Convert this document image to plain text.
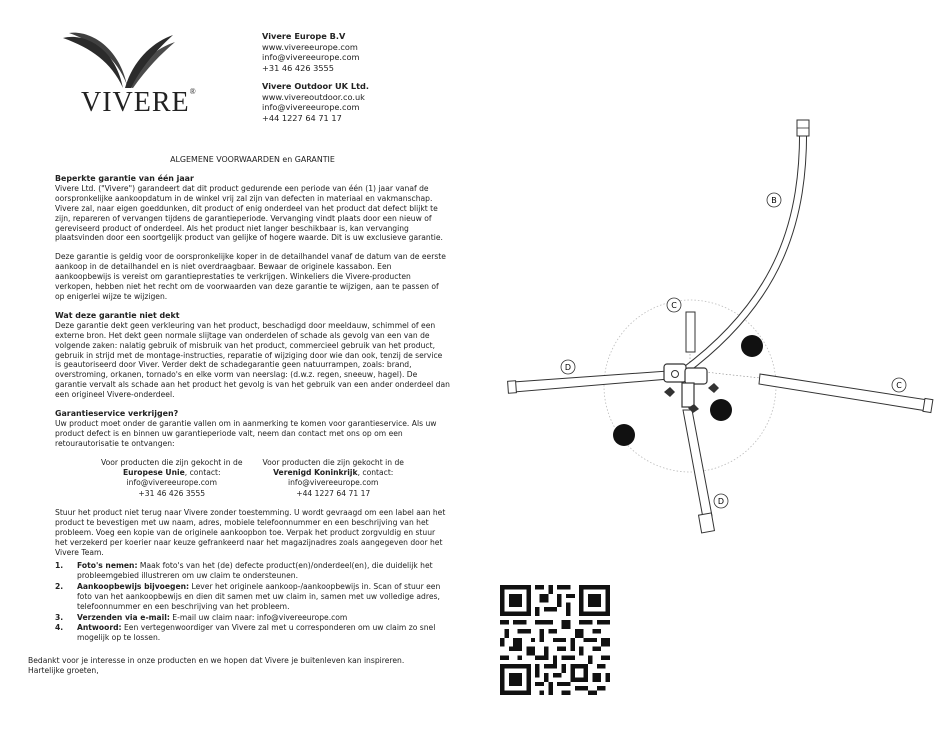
VIVERE®
Vivere Europe B.V
www.vivereeurope.com
info@vivereeurope.com
+31 46 426 3555
Vivere Outdoor UK Ltd.
www.vivereoutdoor.co.uk
info@vivereeurope.com
+44 1227 64 71 17
ALGEMENE VOORWAARDEN en GARANTIE
Beperkte garantie van één jaar

Vivere Ltd. ("Vivere") garandeert dat dit product gedurende een periode van één (1) jaar vanaf de oorspronkelijke aankoopdatum in de winkel vrij zal zijn van defecten in materiaal en vakmanschap. Vivere zal, naar eigen goeddunken, dit product of enig onderdeel van het product dat defect blijkt te zijn, repareren of vervangen tijdens de garantieperiode. Vervanging vindt plaats door een nieuw of gereviseerd product of onderdeel. Als het product niet langer beschikbaar is, kan vervanging plaatsvinden door een soortgelijk product van gelijke of hogere waarde. Dit is uw exclusieve garantie.

Deze garantie is geldig voor de oorspronkelijke koper in de detailhandel vanaf de datum van de eerste aankoop in de detailhandel en is niet overdraagbaar. Bewaar de originele kassabon. Een aankoopbewijs is vereist om garantieprestaties te verkrijgen. Winkeliers die Vivere-producten verkopen, hebben niet het recht om de voorwaarden van deze garantie te wijzigen, aan te passen of op enigerlei wijze te wijzigen.

Wat deze garantie niet dekt

Deze garantie dekt geen verkleuring van het product, beschadigd door meeldauw, schimmel of een externe bron. Het dekt geen normale slijtage van onderdelen of schade als gevolg van een van de volgende zaken: nalatig gebruik of misbruik van het product, commercieel gebruik van het product, gebruik in strijd met de montage-instructies, reparatie of wijziging door wie dan ook, tenzij de service is geautoriseerd door Viver. Verder dekt de schadegarantie geen natuurrampen, zoals: brand, overstroming, orkanen, tornado's en elke vorm van neerslag: (d.w.z. regen, sneeuw, hagel). De garantie vervalt als schade aan het product het gevolg is van het gebruik van een ander onderdeel dan een origineel Vivere-onderdeel.

Garantieservice verkrijgen?

Uw product moet onder de garantie vallen om in aanmerking te komen voor garantieservice. Als uw product defect is en binnen uw garantieperiode valt, neem dan contact met ons op om een retourautorisatie te ontvangen:

Voor producten die zijn gekocht in de
Europese Unie, contact:
info@vivereeurope.com
+31 46 426 3555
Voor producten die zijn gekocht in de
Verenigd Koninkrijk, contact:
info@vivereeurope.com
+44 1227 64 71 17

Stuur het product niet terug naar Vivere zonder toestemming. U wordt gevraagd om een label aan het product te bevestigen met uw naam, adres, mobiele telefoonnummer en een beschrijving van het probleem. Voeg een kopie van de originele aankoopbon toe. Verpak het product zorgvuldig en stuur het verzekerd per koerier naar keuze gefrankeerd naar het magazijnadres zoals aangegeven door het Vivere Team.

1.	Foto's nemen: Maak foto's van het (de) defecte product(en)/onderdeel(en), die duidelijk het probleemgebied illustreren om uw claim te ondersteunen.
2.	Aankoopbewijs bijvoegen: Lever het originele aankoop-/aankoopbewijs in. Scan of stuur een foto van het aankoopbewijs en dien dit samen met uw claim in, samen met uw volledige adres, telefoonnummer en een beschrijving van het probleem.
3.	Verzenden via e-mail: E-mail uw claim naar: info@vivereeurope.com
4.	Antwoord: Een vertegenwoordiger van Vivere zal met u corresponderen om uw claim zo snel mogelijk op te lossen.

Bedankt voor je interesse in onze producten en we hopen dat Vivere je buitenleven kan inspireren.

Hartelijke groeten,

B
C
D
C
D
